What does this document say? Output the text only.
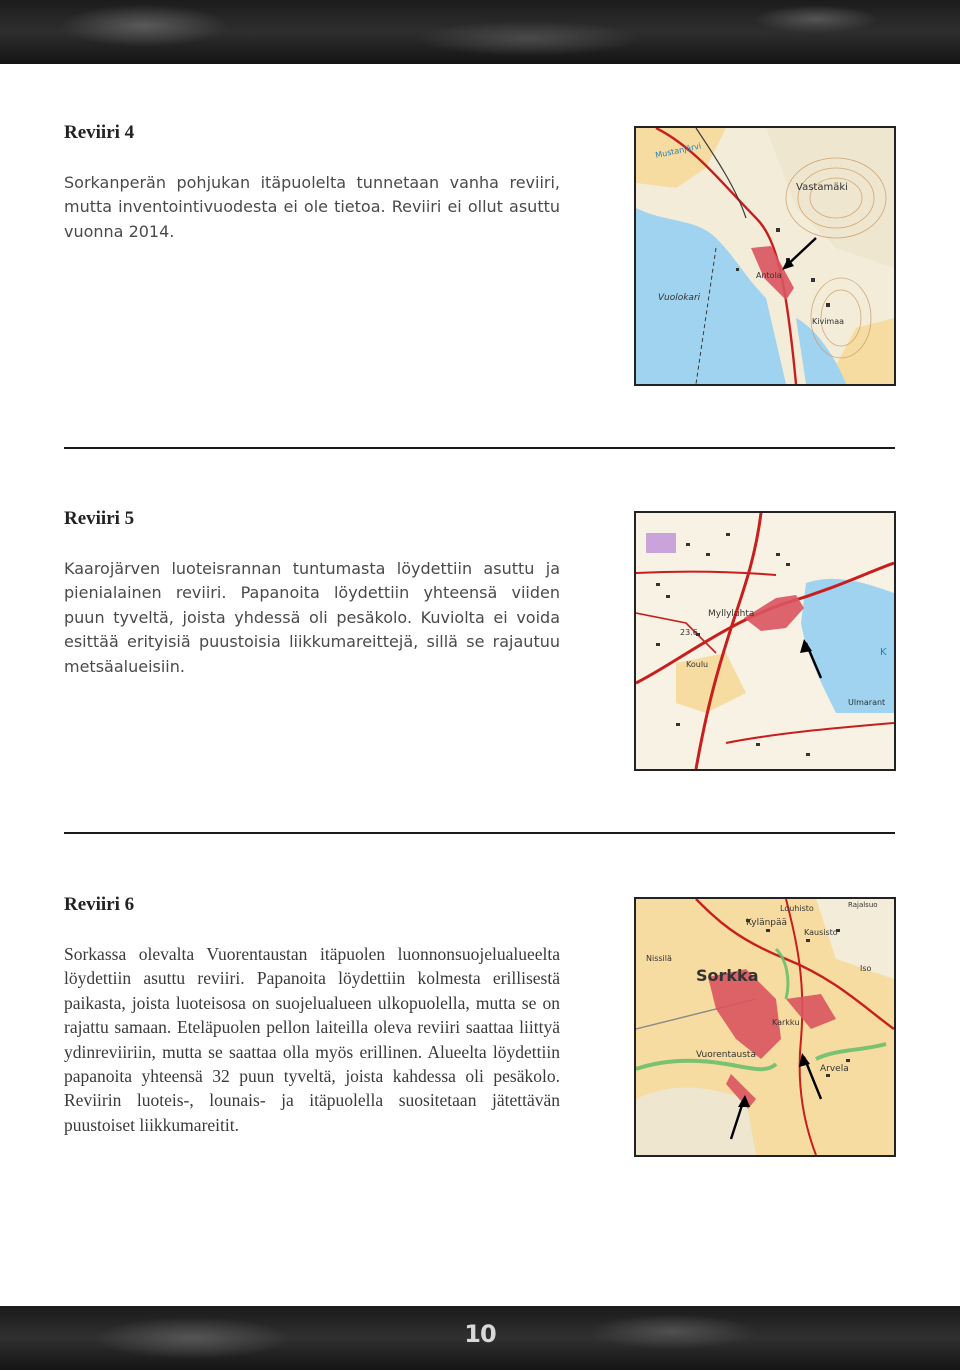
Reviiri 4

Sorkanperän pohjukan itäpuolelta tunnetaan vanha reviiri, mutta inventointivuodesta ei ole tietoa. Reviiri ei ollut asuttu vuonna 2014.

Mustanjärvi
Vastamäki
Antola
Vuolokari
Kivimaa
Reviiri 5

Kaarojärven luoteisrannan tuntumasta löydettiin asuttu ja pienialainen reviiri. Papanoita löydettiin yhteensä viiden puun tyveltä, joista yhdessä oli pesäkolo. Kuviolta ei voida esittää erityisiä puustoisia liikkumareittejä, sillä se rajautuu metsäalueisiin.

Myllyluhta
23.6
Koulu
Ulmarant
K
Reviiri 6

Sorkassa olevalta Vuorentaustan itäpuolen luonnonsuojelualueelta löydettiin asuttu reviiri. Papanoita löydettiin kolmesta erillisestä paikasta, joista luoteisosa on suojelualueen ulkopuolella, mutta se on rajattu samaan. Eteläpuolen pellon laiteilla oleva reviiri saattaa liittyä ydinreviiriin, mutta se saattaa olla myös erillinen. Alueelta löydettiin papanoita yhteensä 32 puun tyveltä, joista kahdessa oli pesäkolo. Reviirin luoteis-, lounais- ja itäpuolella suositetaan jätettävän puustoiset liikkumareitit.

Louhisto
Kylänpää
Kausisto
Nissilä
Sorkka
Vuorentausta
Karkku
Arvela
Rajalsuo
Iso
10
